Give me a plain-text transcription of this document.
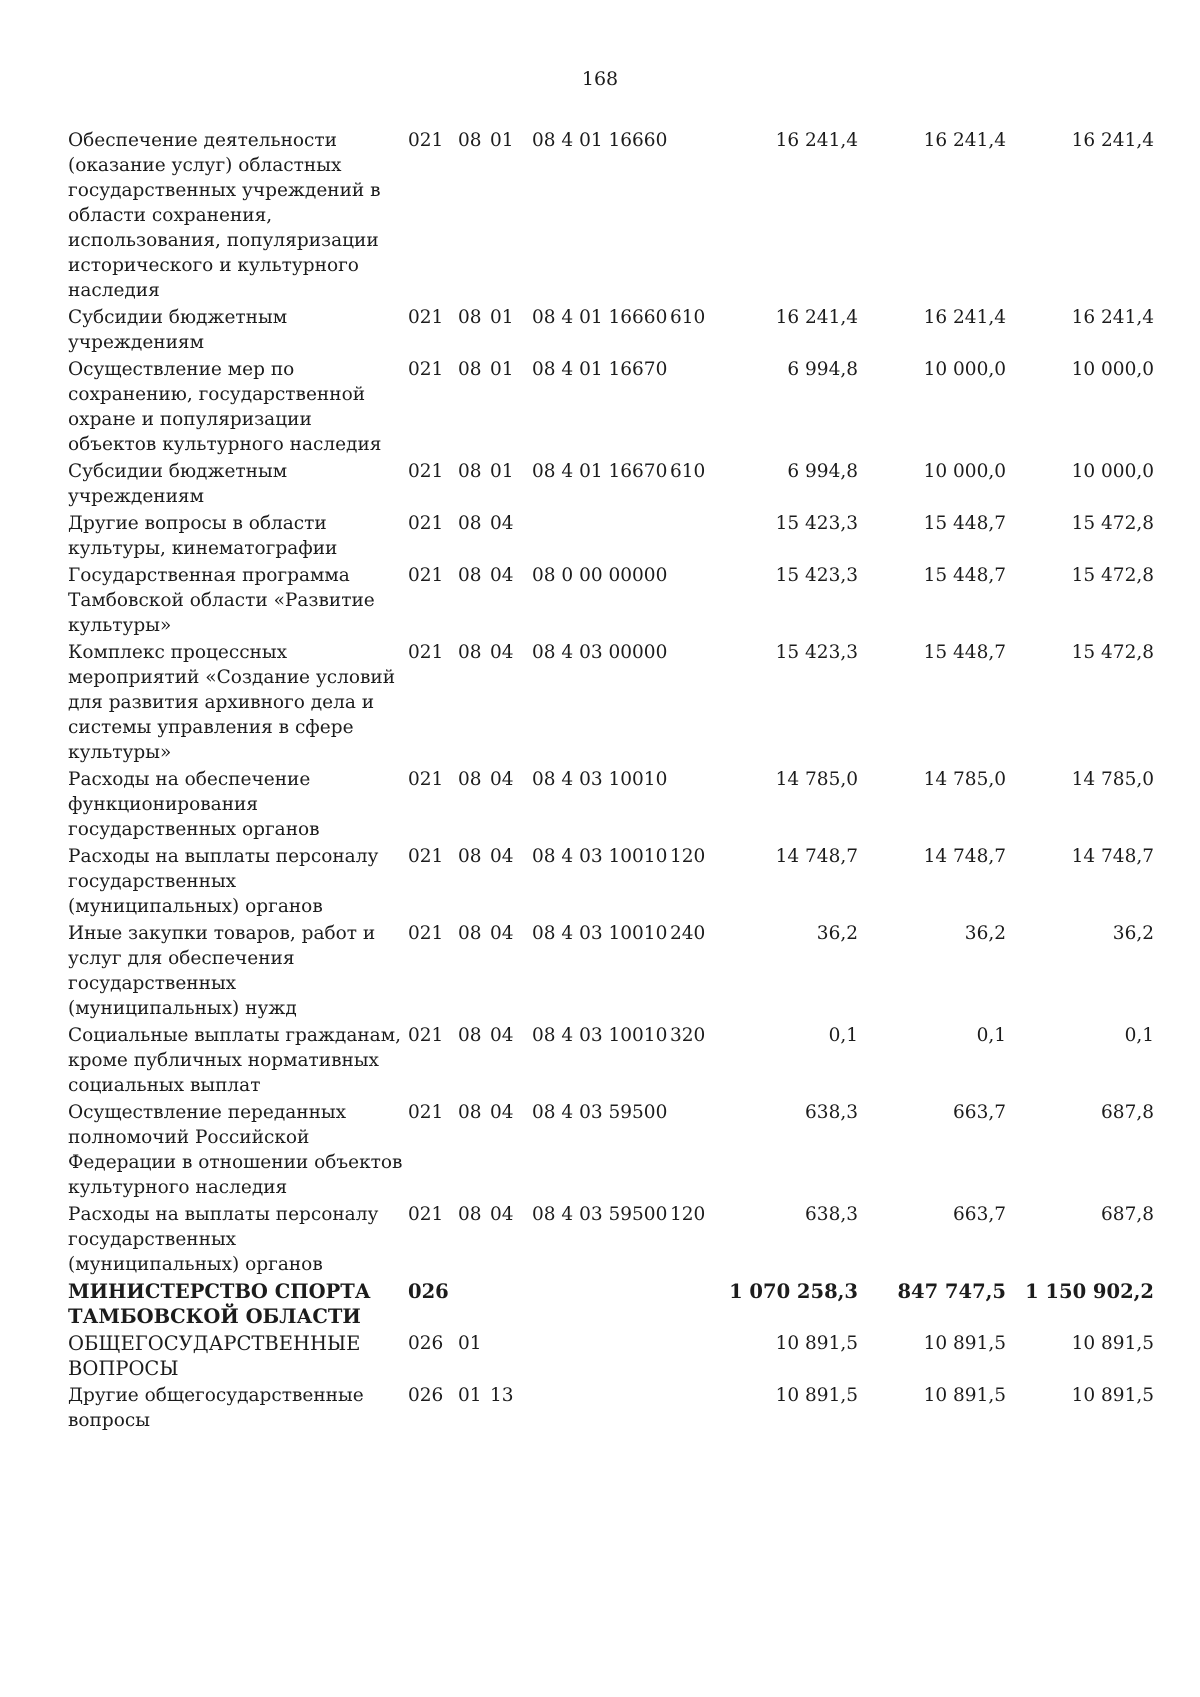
168
Обеспечение деятельности (оказание услуг) областных государственных учреждений в области сохранения, использования, популяризации исторического и культурного наследия	021	08	01	08 4 01 16660		16 241,4	16 241,4	16 241,4
Субсидии бюджетным учреждениям	021	08	01	08 4 01 16660	610	16 241,4	16 241,4	16 241,4
Осуществление мер по сохранению, государственной охране и популяризации объектов культурного наследия	021	08	01	08 4 01 16670		6 994,8	10 000,0	10 000,0
Субсидии бюджетным учреждениям	021	08	01	08 4 01 16670	610	6 994,8	10 000,0	10 000,0
Другие вопросы в области культуры, кинематографии	021	08	04			15 423,3	15 448,7	15 472,8
Государственная программа Тамбовской области «Развитие культуры»	021	08	04	08 0 00 00000		15 423,3	15 448,7	15 472,8
Комплекс процессных мероприятий «Создание условий для развития архивного дела и системы управления в сфере культуры»	021	08	04	08 4 03 00000		15 423,3	15 448,7	15 472,8
Расходы на обеспечение функционирования государственных органов	021	08	04	08 4 03 10010		14 785,0	14 785,0	14 785,0
Расходы на выплаты персоналу государственных (муниципальных) органов	021	08	04	08 4 03 10010	120	14 748,7	14 748,7	14 748,7
Иные закупки товаров, работ и услуг для обеспечения государственных (муниципальных) нужд	021	08	04	08 4 03 10010	240	36,2	36,2	36,2
Социальные выплаты гражданам, кроме публичных нормативных социальных выплат	021	08	04	08 4 03 10010	320	0,1	0,1	0,1
Осуществление переданных полномочий Российской Федерации в отношении объектов культурного наследия	021	08	04	08 4 03 59500		638,3	663,7	687,8
Расходы на выплаты персоналу государственных (муниципальных) органов	021	08	04	08 4 03 59500	120	638,3	663,7	687,8
МИНИСТЕРСТВО СПОРТА ТАМБОВСКОЙ ОБЛАСТИ	026					1 070 258,3	847 747,5	1 150 902,2
ОБЩЕГОСУДАРСТВЕННЫЕ ВОПРОСЫ	026	01				10 891,5	10 891,5	10 891,5
Другие общегосударственные вопросы	026	01	13			10 891,5	10 891,5	10 891,5
